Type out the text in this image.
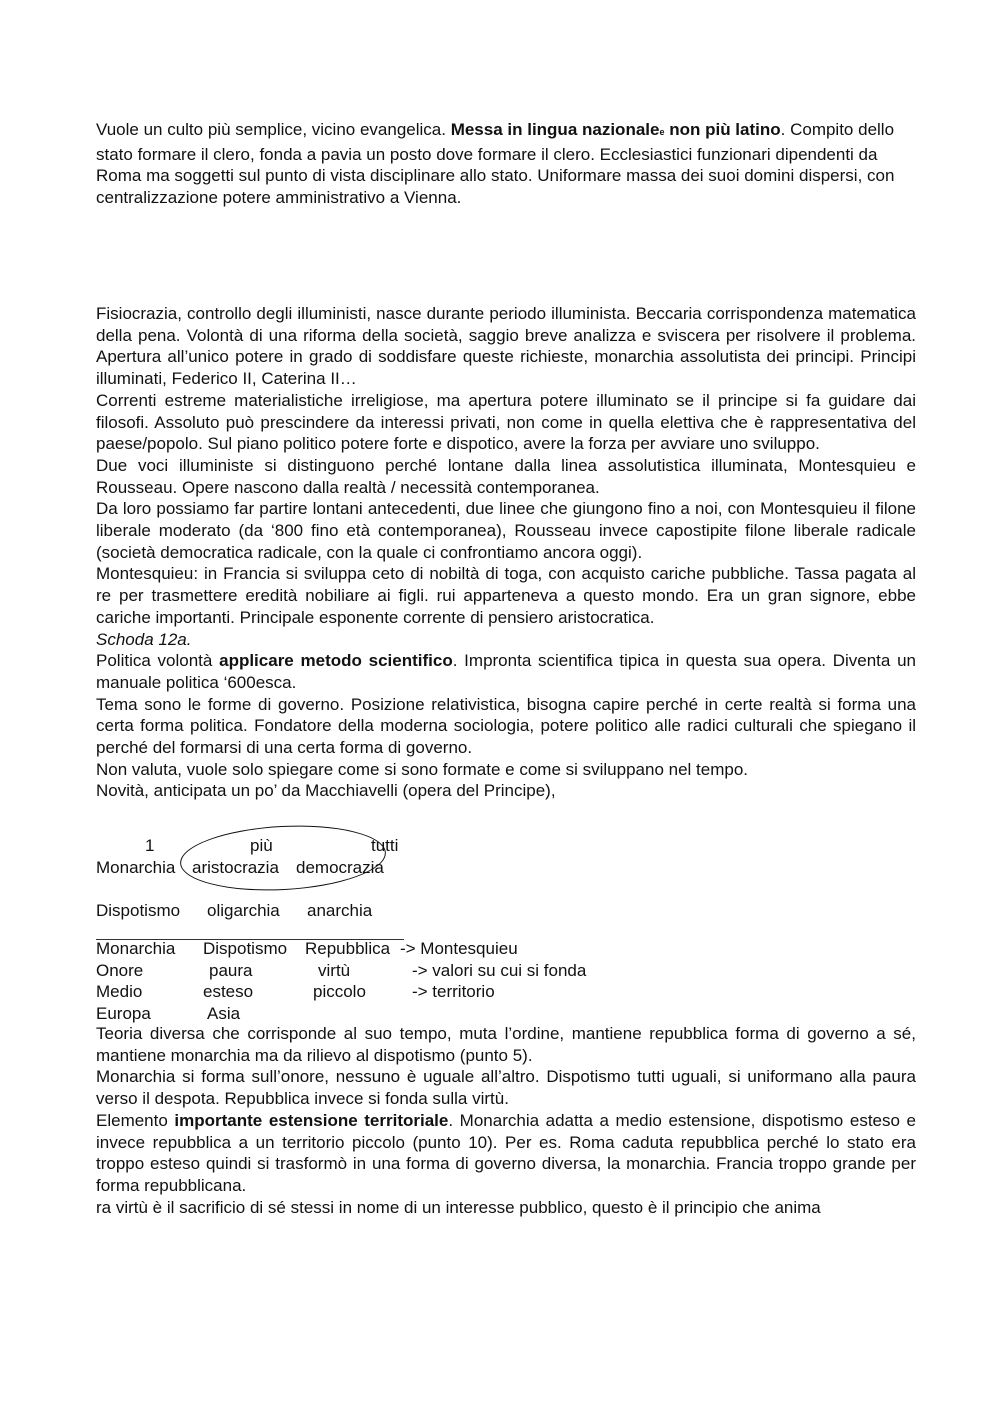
Vuole un culto più semplice, vicino evangelica. Messa in lingua nazionalee non più latino. Compito dello stato formare il clero, fonda a pavia un posto dove formare il clero. Ecclesiastici funzionari dipendenti da Roma ma soggetti sul punto di vista disciplinare allo stato. Uniformare massa dei suoi domini dispersi, con centralizzazione potere amministrativo a Vienna.

Fisiocrazia, controllo degli illuministi, nasce durante periodo illuminista. Beccaria corrispondenza matematica della pena. Volontà di una riforma della società, saggio breve analizza e sviscera per risolvere il problema. Apertura all’unico potere in grado di soddisfare queste richieste, monarchia assolutista dei principi. Principi illuminati, Federico II, Caterina II…

Correnti estreme materialistiche irreligiose, ma apertura potere illuminato se il principe si fa guidare dai filosofi. Assoluto può prescindere da interessi privati, non come in quella elettiva che è rappresentativa del paese/popolo. Sul piano politico potere forte e dispotico, avere la forza per avviare uno sviluppo.

Due voci illuministe si distinguono perché lontane dalla linea assolutistica illuminata, Montesquieu e Rousseau. Opere nascono dalla realtà / necessità contemporanea.

Da loro possiamo far partire lontani antecedenti, due linee che giungono fino a noi, con Montesquieu il filone liberale moderato (da ‘800 fino età contemporanea), Rousseau invece capostipite filone liberale radicale (società democratica radicale, con la quale ci confrontiamo ancora oggi).

Montesquieu: in Francia si sviluppa ceto di nobiltà di toga, con acquisto cariche pubbliche. Tassa pagata al re per trasmettere eredità nobiliare ai figli. rui apparteneva a questo mondo. Era un gran signore, ebbe cariche importanti. Principale esponente corrente di pensiero aristocratica.

Schoda 12a.

Politica volontà applicare metodo scientifico. Impronta scientifica tipica in questa sua opera. Diventa un manuale politica ‘600esca.

Tema sono le forme di governo. Posizione relativistica, bisogna capire perché in certe realtà si forma una certa forma politica. Fondatore della moderna sociologia, potere politico alle radici culturali che spiegano il perché del formarsi di una certa forma di governo.

Non valuta, vuole solo spiegare come si sono formate e come si sviluppano nel tempo.

Novità, anticipata un po’ da Macchiavelli (opera del Principe),

1	più	tutti
Monarchia aristocrazia democrazia
Dispotismo oligarchia anarchia
Monarchia Dispotismo Repubblica -> Montesquieu
Onore	paura	virtù	-> valori su cui si fonda
Medio	esteso	piccolo	-> territorio
Europa	Asia

Teoria diversa che corrisponde al suo tempo, muta l’ordine, mantiene repubblica forma di governo a sé, mantiene monarchia ma da rilievo al dispotismo (punto 5).

Monarchia si forma sull’onore, nessuno è uguale all’altro. Dispotismo tutti uguali, si uniformano alla paura verso il despota. Repubblica invece si fonda sulla virtù.

Elemento importante estensione territoriale. Monarchia adatta a medio estensione, dispotismo esteso e invece repubblica a un territorio piccolo (punto 10). Per es. Roma caduta repubblica perché lo stato era troppo esteso quindi si trasformò in una forma di governo diversa, la monarchia. Francia troppo grande per forma repubblicana.

ra virtù è il sacrificio di sé stessi in nome di un interesse pubblico, questo è il principio che anima
